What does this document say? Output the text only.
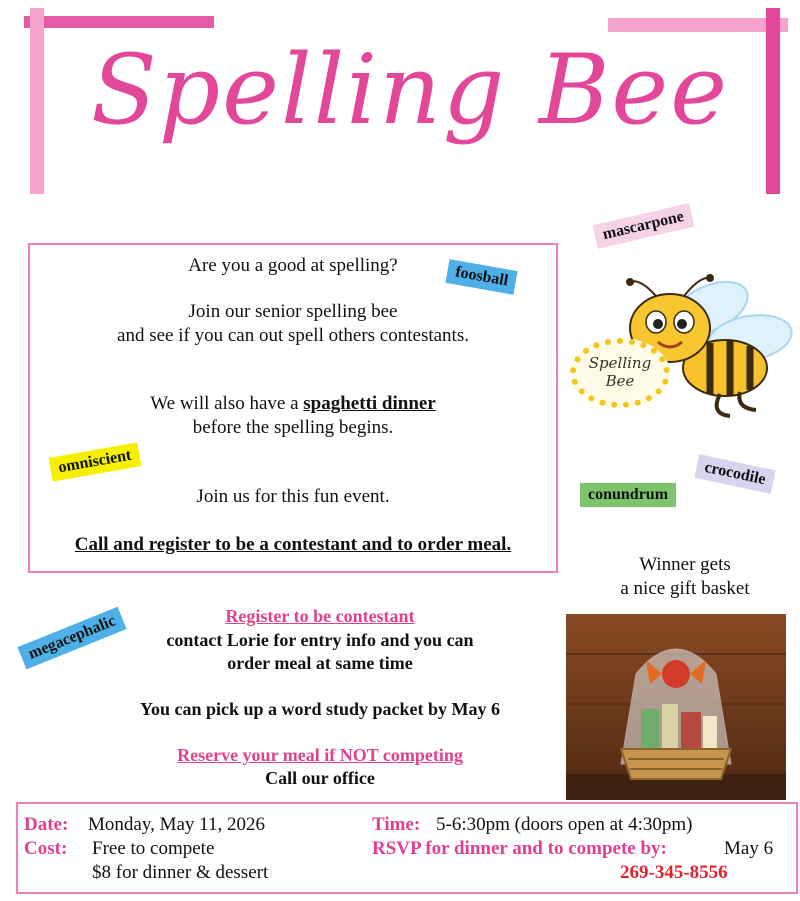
Spelling Bee

Are you a good at spelling?

Join our senior spelling bee

and see if you can out spell others contestants.

We will also have a spaghetti dinner

before the spelling begins.

Join us for this fun event.

Call and register to be a contestant and to order meal.

foosball
mascarpone
omniscient	crocodile
conundrum
megacephalic
Spelling
Bee
Winner gets
a nice gift basket
Register to be contestant
contact Lorie for entry info and you can
order meal at same time
You can pick up a word study packet by May 6
Reserve your meal if NOT competing
Call our office
Date: Monday, May 11, 2026
Cost: Free to compete
$8 for dinner & dessert
Time: 5-6:30pm (doors open at 4:30pm)
RSVP for dinner and to compete by:	May 6
269-345-8556
